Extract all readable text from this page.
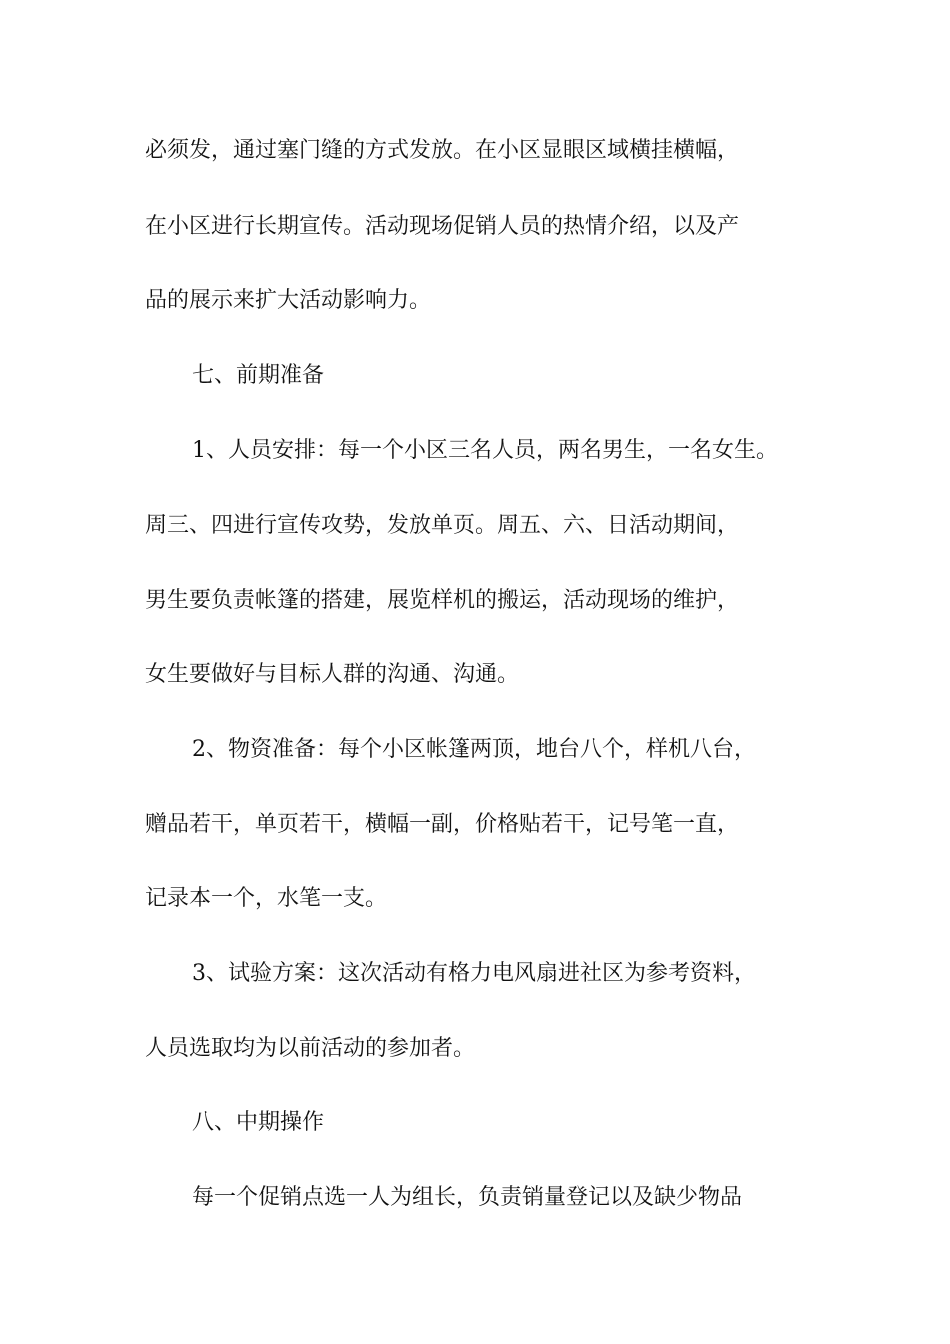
必须发，通过塞门缝的方式发放。在小区显眼区域横挂横幅，
在小区进行长期宣传。活动现场促销人员的热情介绍，以及产
品的展示来扩大活动影响力。
七、前期准备
1、人员安排：每一个小区三名人员，两名男生，一名女生。
周三、四进行宣传攻势，发放单页。周五、六、日活动期间，
男生要负责帐篷的搭建，展览样机的搬运，活动现场的维护，
女生要做好与目标人群的沟通、沟通。
2、物资准备：每个小区帐篷两顶，地台八个，样机八台，
赠品若干，单页若干，横幅一副，价格贴若干，记号笔一直，
记录本一个，水笔一支。
3、试验方案：这次活动有格力电风扇进社区为参考资料，
人员选取均为以前活动的参加者。
八、中期操作
每一个促销点选一人为组长，负责销量登记以及缺少物品
